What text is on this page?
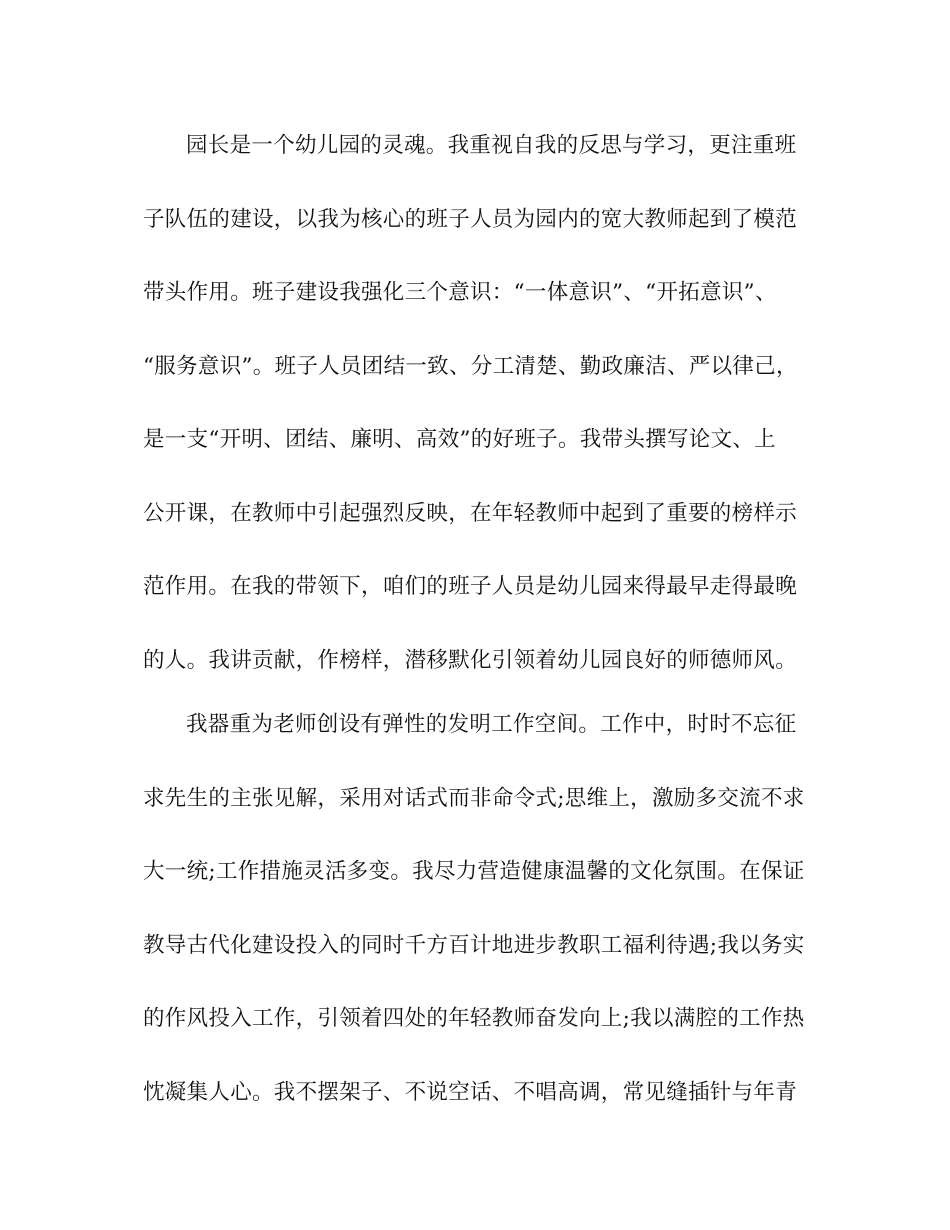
园长是一个幼儿园的灵魂。我重视自我的反思与学习，更注重班
子队伍的建设，以我为核心的班子人员为园内的宽大教师起到了模范
带头作用。班子建设我强化三个意识：“一体意识”、“开拓意识”、
“服务意识”。班子人员团结一致、分工清楚、勤政廉洁、严以律己，
是一支“开明、团结、廉明、高效”的好班子。我带头撰写论文、上
公开课，在教师中引起强烈反映，在年轻教师中起到了重要的榜样示
范作用。在我的带领下，咱们的班子人员是幼儿园来得最早走得最晚
的人。我讲贡献，作榜样，潜移默化引领着幼儿园良好的师德师风。

我器重为老师创设有弹性的发明工作空间。工作中，时时不忘征
求先生的主张见解，采用对话式而非命令式;思维上，激励多交流不求
大一统;工作措施灵活多变。我尽力营造健康温馨的文化氛围。在保证
教导古代化建设投入的同时千方百计地进步教职工福利待遇;我以务实
的作风投入工作，引领着四处的年轻教师奋发向上;我以满腔的工作热
忱凝集人心。我不摆架子、不说空话、不唱高调，常见缝插针与年青
